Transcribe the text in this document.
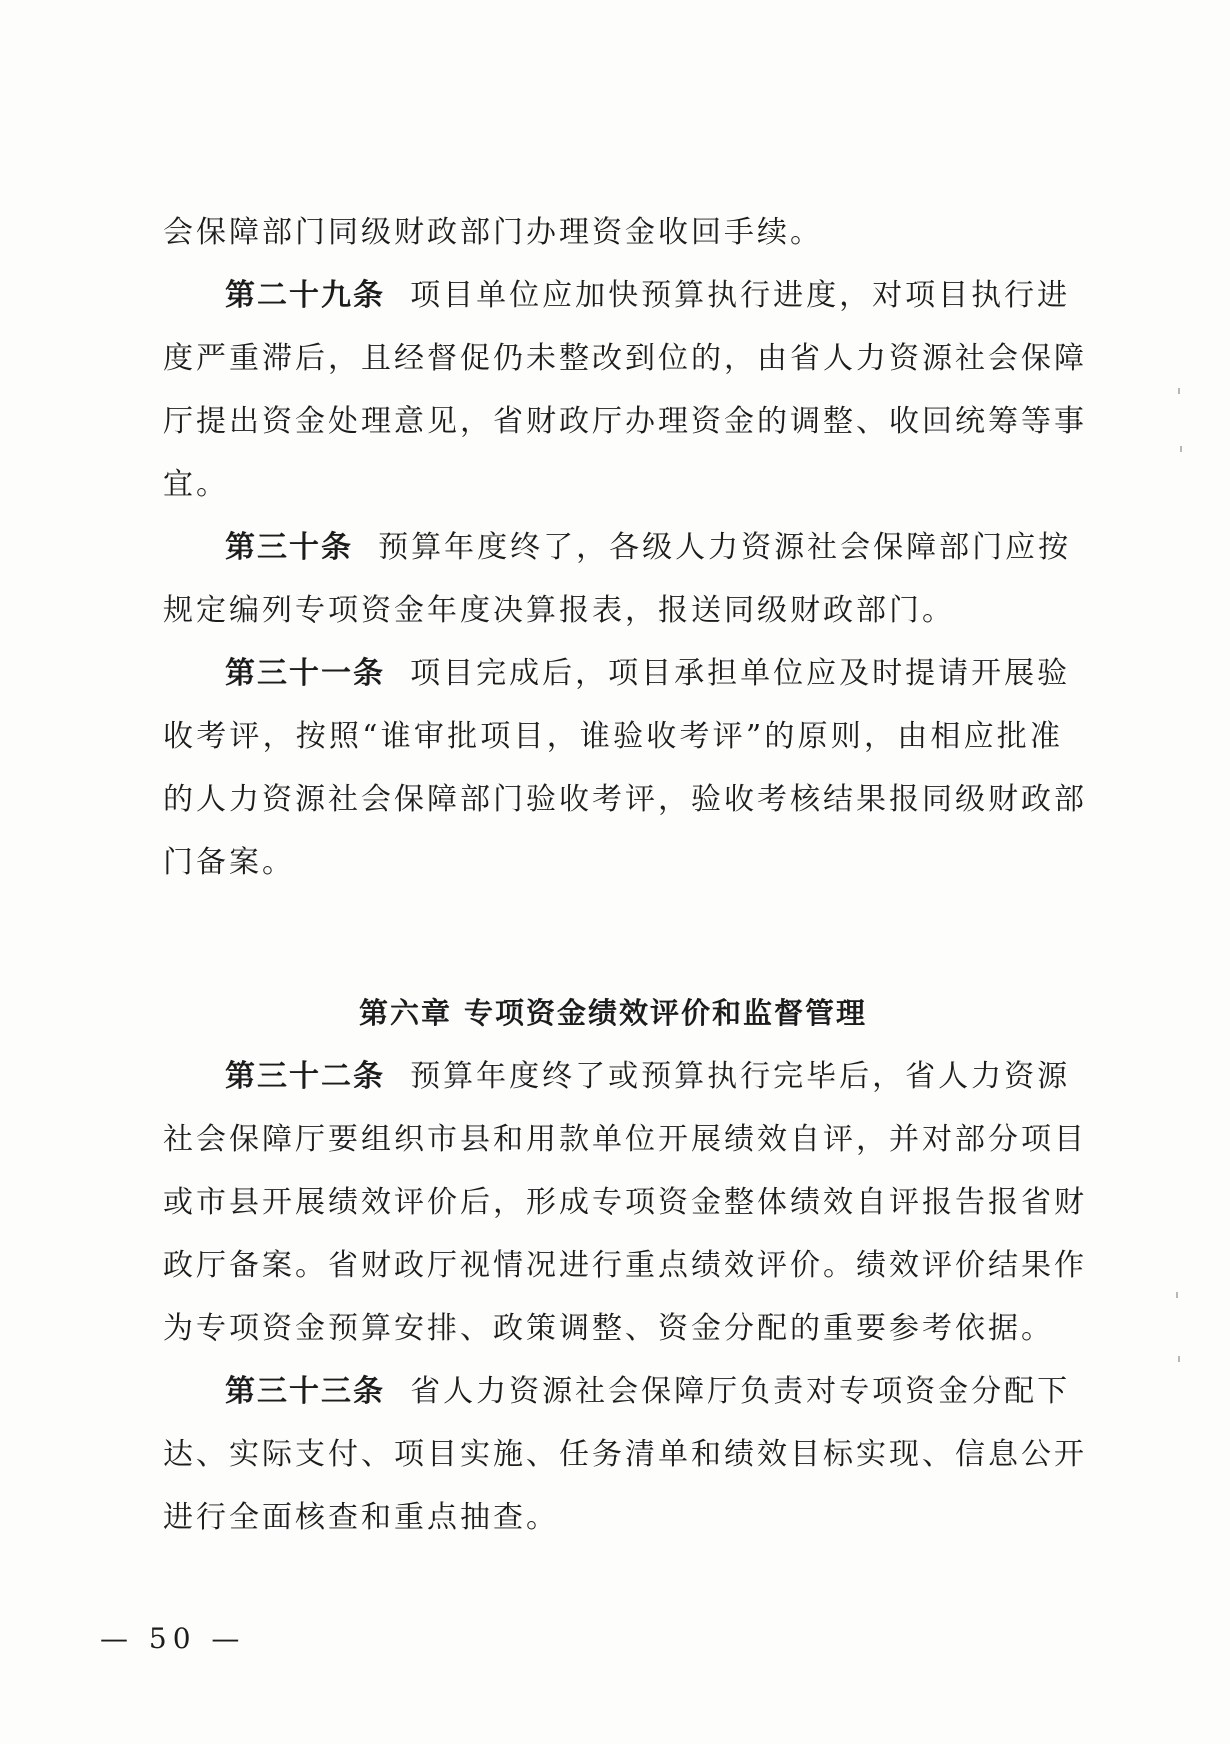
会保障部门同级财政部门办理资金收回手续。
第二十九条 项目单位应加快预算执行进度，对项目执行进
度严重滞后，且经督促仍未整改到位的，由省人力资源社会保障
厅提出资金处理意见，省财政厅办理资金的调整、收回统筹等事
宜。
第三十条 预算年度终了，各级人力资源社会保障部门应按
规定编列专项资金年度决算报表，报送同级财政部门。
第三十一条 项目完成后，项目承担单位应及时提请开展验
收考评，按照“谁审批项目，谁验收考评”的原则，由相应批准
的人力资源社会保障部门验收考评，验收考核结果报同级财政部
门备案。
第六章 专项资金绩效评价和监督管理
第三十二条 预算年度终了或预算执行完毕后，省人力资源
社会保障厅要组织市县和用款单位开展绩效自评，并对部分项目
或市县开展绩效评价后，形成专项资金整体绩效自评报告报省财
政厅备案。省财政厅视情况进行重点绩效评价。绩效评价结果作
为专项资金预算安排、政策调整、资金分配的重要参考依据。
第三十三条 省人力资源社会保障厅负责对专项资金分配下
达、实际支付、项目实施、任务清单和绩效目标实现、信息公开
进行全面核查和重点抽查。
— 50 —
